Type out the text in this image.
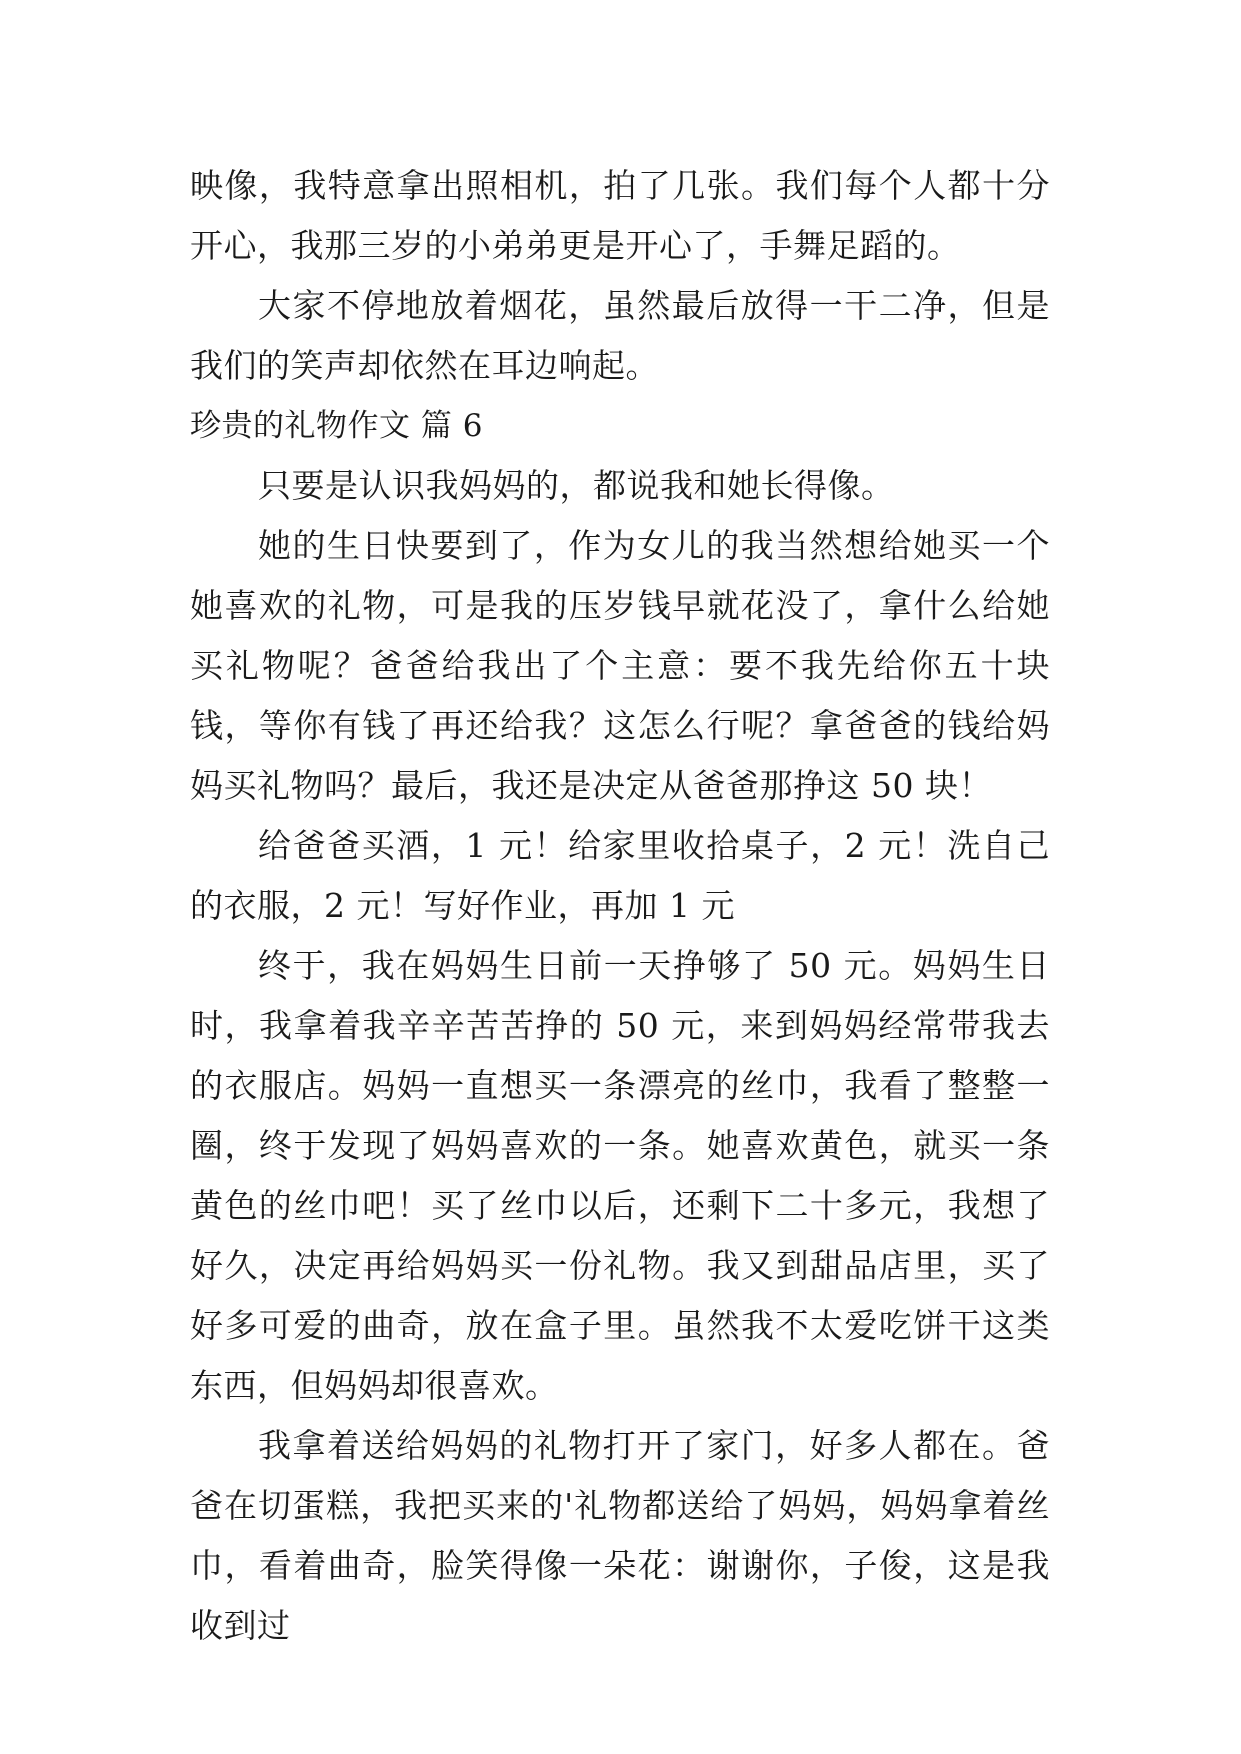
映像，我特意拿出照相机，拍了几张。我们每个人都十分开心，我那三岁的小弟弟更是开心了，手舞足蹈的。

大家不停地放着烟花，虽然最后放得一干二净，但是我们的笑声却依然在耳边响起。

珍贵的礼物作文 篇 6

只要是认识我妈妈的，都说我和她长得像。

她的生日快要到了，作为女儿的我当然想给她买一个她喜欢的礼物，可是我的压岁钱早就花没了，拿什么给她买礼物呢？爸爸给我出了个主意：要不我先给你五十块钱，等你有钱了再还给我？这怎么行呢？拿爸爸的钱给妈妈买礼物吗？最后，我还是决定从爸爸那挣这 50 块！

给爸爸买酒，1 元！给家里收拾桌子，2 元！洗自己的衣服，2 元！写好作业，再加 1 元

终于，我在妈妈生日前一天挣够了 50 元。妈妈生日时，我拿着我辛辛苦苦挣的 50 元，来到妈妈经常带我去的衣服店。妈妈一直想买一条漂亮的丝巾，我看了整整一圈，终于发现了妈妈喜欢的一条。她喜欢黄色，就买一条黄色的丝巾吧！买了丝巾以后，还剩下二十多元，我想了好久，决定再给妈妈买一份礼物。我又到甜品店里，买了好多可爱的曲奇，放在盒子里。虽然我不太爱吃饼干这类东西，但妈妈却很喜欢。

我拿着送给妈妈的礼物打开了家门，好多人都在。爸爸在切蛋糕，我把买来的'礼物都送给了妈妈，妈妈拿着丝巾，看着曲奇，脸笑得像一朵花：谢谢你，子俊，这是我收到过
